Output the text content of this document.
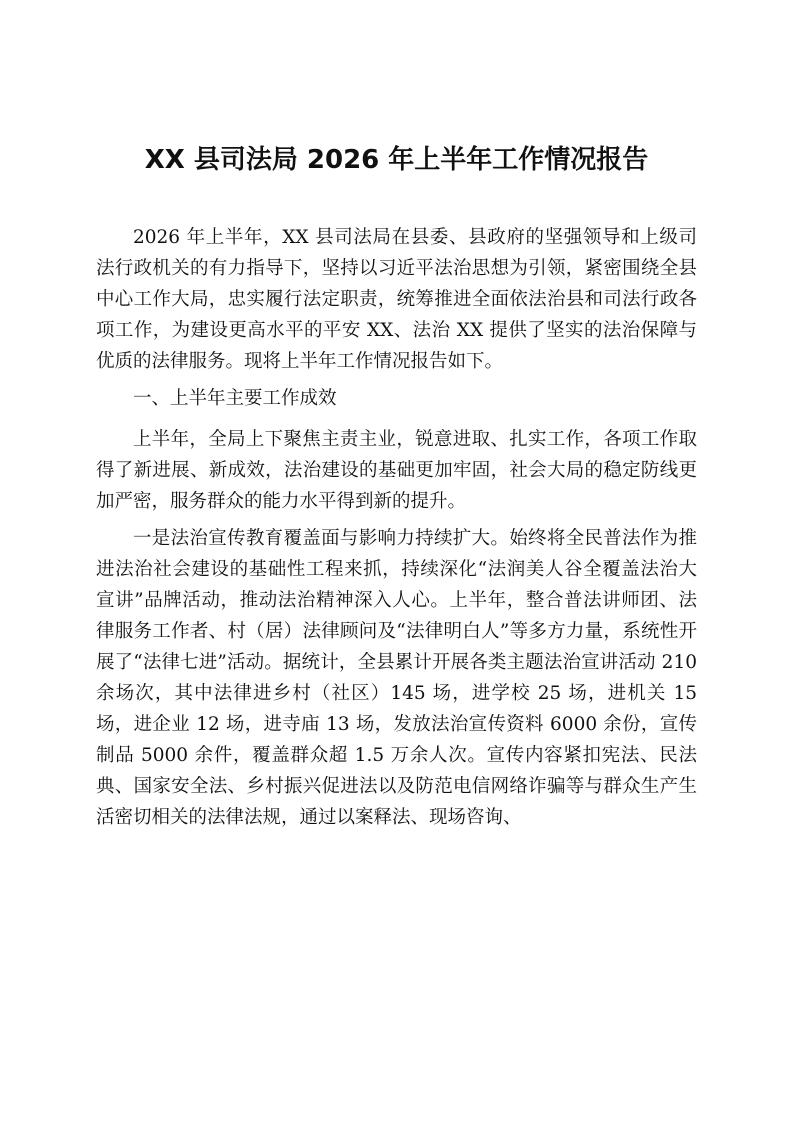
XX 县司法局 2026 年上半年工作情况报告

2026 年上半年，XX 县司法局在县委、县政府的坚强领导和上级司法行政机关的有力指导下，坚持以习近平法治思想为引领，紧密围绕全县中心工作大局，忠实履行法定职责，统筹推进全面依法治县和司法行政各项工作，为建设更高水平的平安 XX、法治 XX 提供了坚实的法治保障与优质的法律服务。现将上半年工作情况报告如下。

一、上半年主要工作成效

上半年，全局上下聚焦主责主业，锐意进取、扎实工作，各项工作取得了新进展、新成效，法治建设的基础更加牢固，社会大局的稳定防线更加严密，服务群众的能力水平得到新的提升。

一是法治宣传教育覆盖面与影响力持续扩大。始终将全民普法作为推进法治社会建设的基础性工程来抓，持续深化“法润美人谷全覆盖法治大宣讲”品牌活动，推动法治精神深入人心。上半年，整合普法讲师团、法律服务工作者、村（居）法律顾问及“法律明白人”等多方力量，系统性开展了“法律七进”活动。据统计，全县累计开展各类主题法治宣讲活动 210 余场次，其中法律进乡村（社区）145 场，进学校 25 场，进机关 15 场，进企业 12 场，进寺庙 13 场，发放法治宣传资料 6000 余份，宣传制品 5000 余件，覆盖群众超 1.5 万余人次。宣传内容紧扣宪法、民法典、国家安全法、乡村振兴促进法以及防范电信网络诈骗等与群众生产生活密切相关的法律法规，通过以案释法、现场咨询、
